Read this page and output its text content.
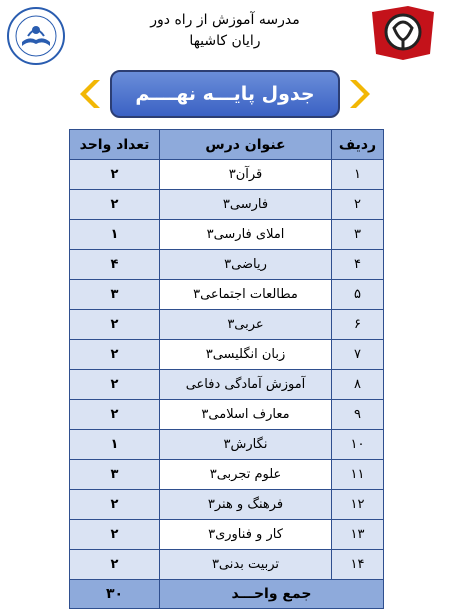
مدرسه آموزش از راه دور
رایان کاشیها
جدول پایـــه نهــــم
ردیف	عنوان درس	تعداد واحد
۱	قرآن۳	۲
۲	فارسی۳	۲
۳	املای فارسی۳	۱
۴	ریاضی۳	۴
۵	مطالعات اجتماعی۳	۳
۶	عربی۳	۲
۷	زبان انگلیسی۳	۲
۸	آموزش آمادگی دفاعی	۲
۹	معارف اسلامی۳	۲
۱۰	نگارش۳	۱
۱۱	علوم تجربی۳	۳
۱۲	فرهنگ و هنر۳	۲
۱۳	کار و فناوری۳	۲
۱۴	تربیت بدنی۳	۲
جمع واحـــد		۳۰
